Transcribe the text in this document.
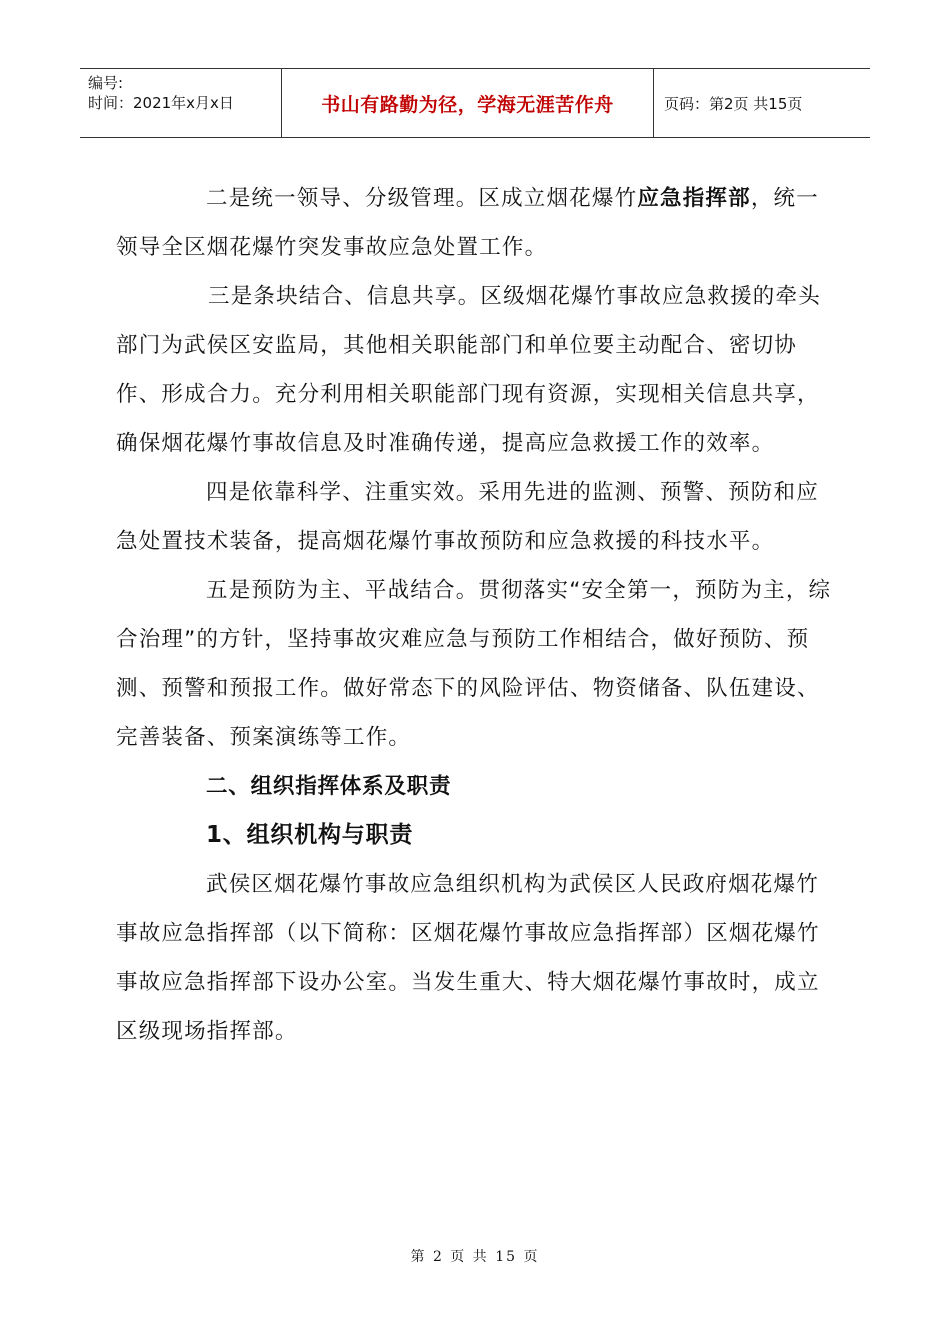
编号:
时间：2021年x月x日	书山有路勤为径，学海无涯苦作舟	页码：第2页 共15页

二是统一领导、分级管理。区成立烟花爆竹应急指挥部，统一领导全区烟花爆竹突发事故应急处置工作。

三是条块结合、信息共享。区级烟花爆竹事故应急救援的牵头部门为武侯区安监局，其他相关职能部门和单位要主动配合、密切协作、形成合力。充分利用相关职能部门现有资源，实现相关信息共享，确保烟花爆竹事故信息及时准确传递，提高应急救援工作的效率。

四是依靠科学、注重实效。采用先进的监测、预警、预防和应急处置技术装备，提高烟花爆竹事故预防和应急救援的科技水平。

五是预防为主、平战结合。贯彻落实“安全第一，预防为主，综合治理”的方针，坚持事故灾难应急与预防工作相结合，做好预防、预测、预警和预报工作。做好常态下的风险评估、物资储备、队伍建设、完善装备、预案演练等工作。

二、组织指挥体系及职责

1、组织机构与职责

武侯区烟花爆竹事故应急组织机构为武侯区人民政府烟花爆竹事故应急指挥部（以下简称：区烟花爆竹事故应急指挥部）区烟花爆竹事故应急指挥部下设办公室。当发生重大、特大烟花爆竹事故时，成立区级现场指挥部。

第 2 页 共 15 页
